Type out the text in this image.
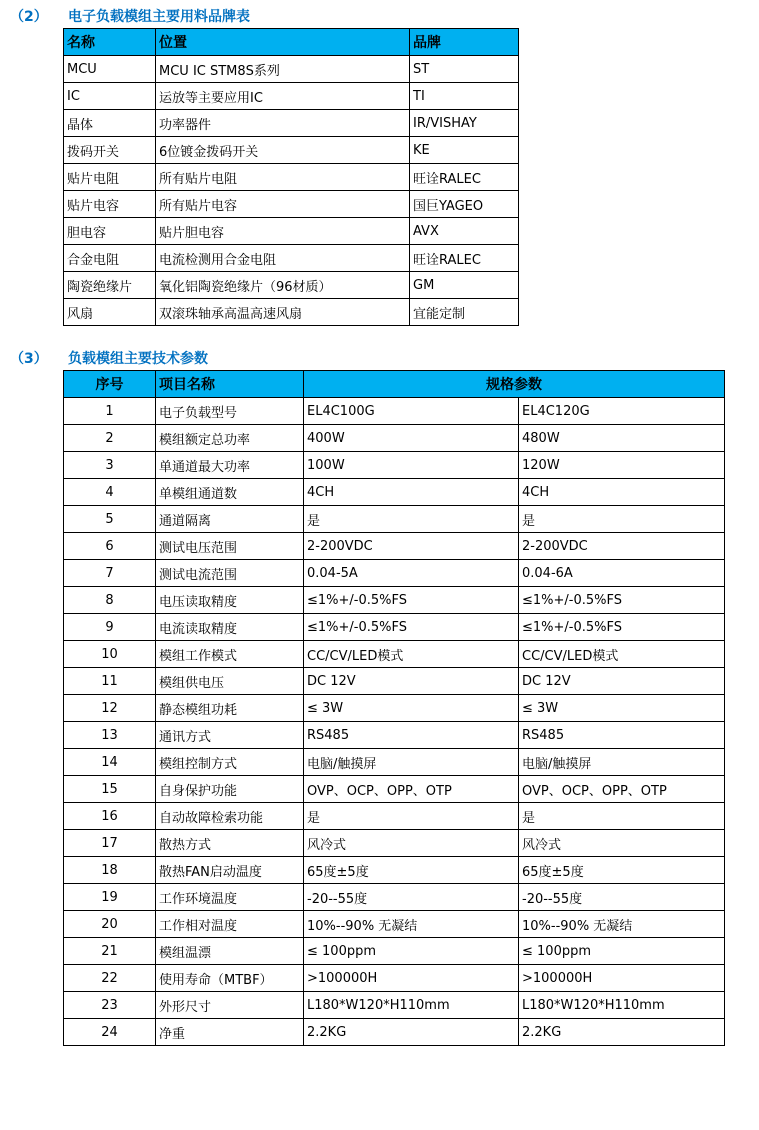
（2） 电子负载模组主要用料品牌表
名称	位置	品牌
MCU	MCU IC STM8S系列	ST
IC	运放等主要应用IC	TI
晶体	功率器件	IR/VISHAY
拨码开关	6位镀金拨码开关	KE
贴片电阻	所有贴片电阻	旺诠RALEC
贴片电容	所有贴片电容	国巨YAGEO
胆电容	贴片胆电容	AVX
合金电阻	电流检测用合金电阻	旺诠RALEC
陶瓷绝缘片	氧化铝陶瓷绝缘片（96材质）	GM
风扇	双滚珠轴承高温高速风扇	宜能定制
（3） 负载模组主要技术参数
序号	项目名称	规格参数	
1	电子负载型号	EL4C100G	EL4C120G
2	模组额定总功率	400W	480W
3	单通道最大功率	100W	120W
4	单模组通道数	4CH	4CH
5	通道隔离	是	是
6	测试电压范围	2-200VDC	2-200VDC
7	测试电流范围	0.04-5A	0.04-6A
8	电压读取精度	≤1%+/-0.5%FS	≤1%+/-0.5%FS
9	电流读取精度	≤1%+/-0.5%FS	≤1%+/-0.5%FS
10	模组工作模式	CC/CV/LED模式	CC/CV/LED模式
11	模组供电压	DC 12V	DC 12V
12	静态模组功耗	≤ 3W	≤ 3W
13	通讯方式	RS485	RS485
14	模组控制方式	电脑/触摸屏	电脑/触摸屏
15	自身保护功能	OVP、OCP、OPP、OTP	OVP、OCP、OPP、OTP
16	自动故障检索功能	是	是
17	散热方式	风冷式	风冷式
18	散热FAN启动温度	65度±5度	65度±5度
19	工作环境温度	-20--55度	-20--55度
20	工作相对温度	10%--90% 无凝结	10%--90% 无凝结
21	模组温漂	≤ 100ppm	≤ 100ppm
22	使用寿命（MTBF）	>100000H	>100000H
23	外形尺寸	L180*W120*H110mm	L180*W120*H110mm
24	净重	2.2KG	2.2KG
